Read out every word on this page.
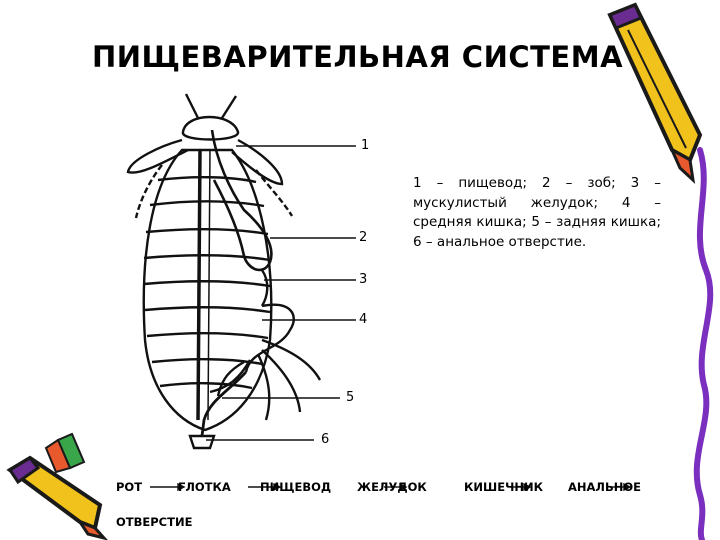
ПИЩЕВАРИТЕЛЬНАЯ СИСТЕМА
1 – пищевод; 2 – зоб; 3 – мускулистый желудок; 4 – средняя кишка; 5 – задняя кишка; 6 – анальное отверстие.
1
2
3
4
5
6
РОТ	ГЛОТКА	ПИЩЕВОД ЖЕЛУДОК	КИШЕЧНИК АНАЛЬНОЕ
ОТВЕРСТИЕ
